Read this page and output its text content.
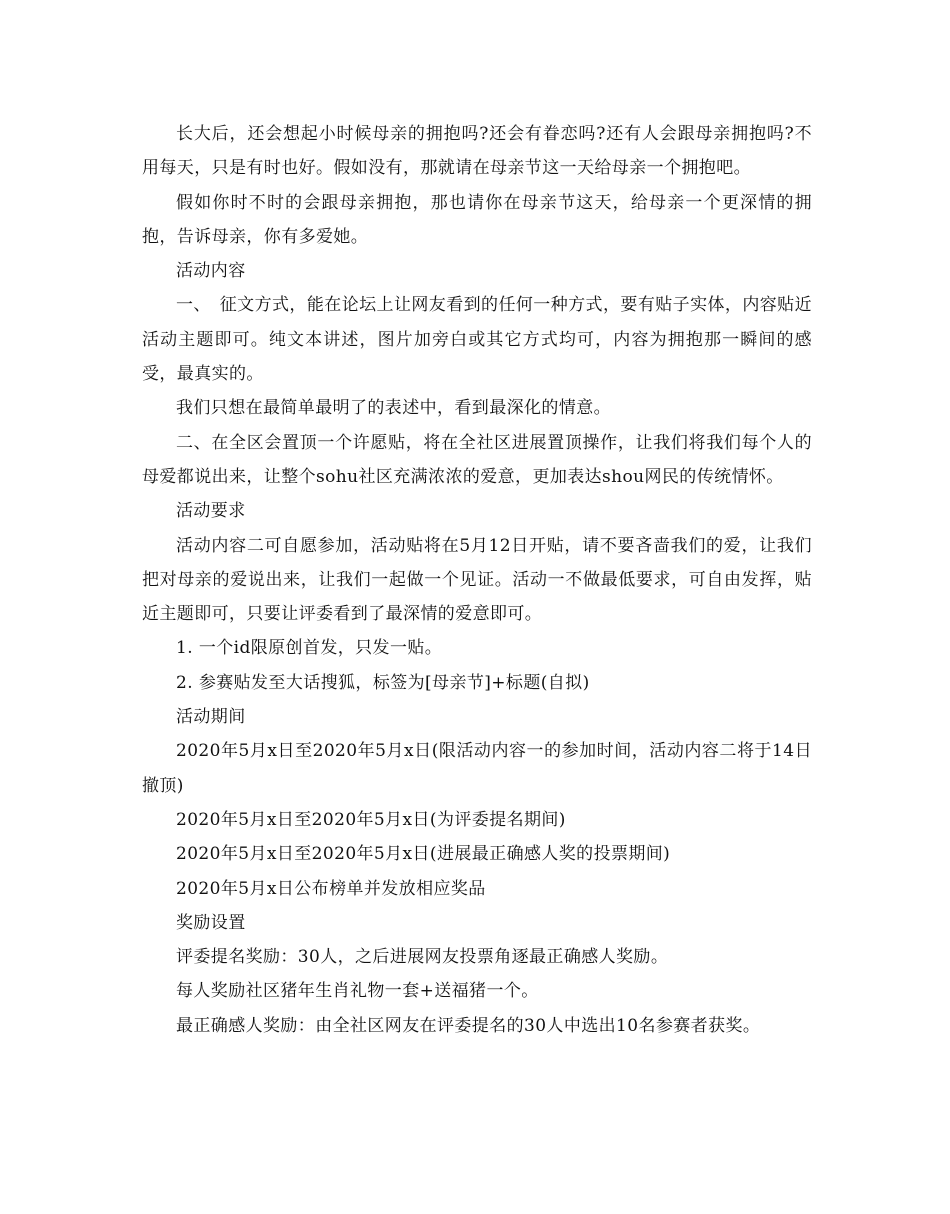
长大后，还会想起小时候母亲的拥抱吗?还会有眷恋吗?还有人会跟母亲拥抱吗?不用每天，只是有时也好。假如没有，那就请在母亲节这一天给母亲一个拥抱吧。

假如你时不时的会跟母亲拥抱，那也请你在母亲节这天，给母亲一个更深情的拥抱，告诉母亲，你有多爱她。

活动内容

一、　征文方式，能在论坛上让网友看到的任何一种方式，要有贴子实体，内容贴近活动主题即可。纯文本讲述，图片加旁白或其它方式均可，内容为拥抱那一瞬间的感受，最真实的。

我们只想在最简单最明了的表述中，看到最深化的情意。

二、在全区会置顶一个许愿贴，将在全社区进展置顶操作，让我们将我们每个人的母爱都说出来，让整个sohu社区充满浓浓的爱意，更加表达shou网民的传统情怀。

活动要求

活动内容二可自愿参加，活动贴将在5月12日开贴，请不要吝啬我们的爱，让我们把对母亲的爱说出来，让我们一起做一个见证。活动一不做最低要求，可自由发挥，贴近主题即可，只要让评委看到了最深情的爱意即可。

1. 一个id限原创首发，只发一贴。

2. 参赛贴发至大话搜狐，标签为[母亲节]+标题(自拟)

活动期间

2020年5月x日至2020年5月x日(限活动内容一的参加时间，活动内容二将于14日撤顶)

2020年5月x日至2020年5月x日(为评委提名期间)

2020年5月x日至2020年5月x日(进展最正确感人奖的投票期间)

2020年5月x日公布榜单并发放相应奖品

奖励设置

评委提名奖励：30人，之后进展网友投票角逐最正确感人奖励。

每人奖励社区猪年生肖礼物一套+送福猪一个。

最正确感人奖励：由全社区网友在评委提名的30人中选出10名参赛者获奖。
